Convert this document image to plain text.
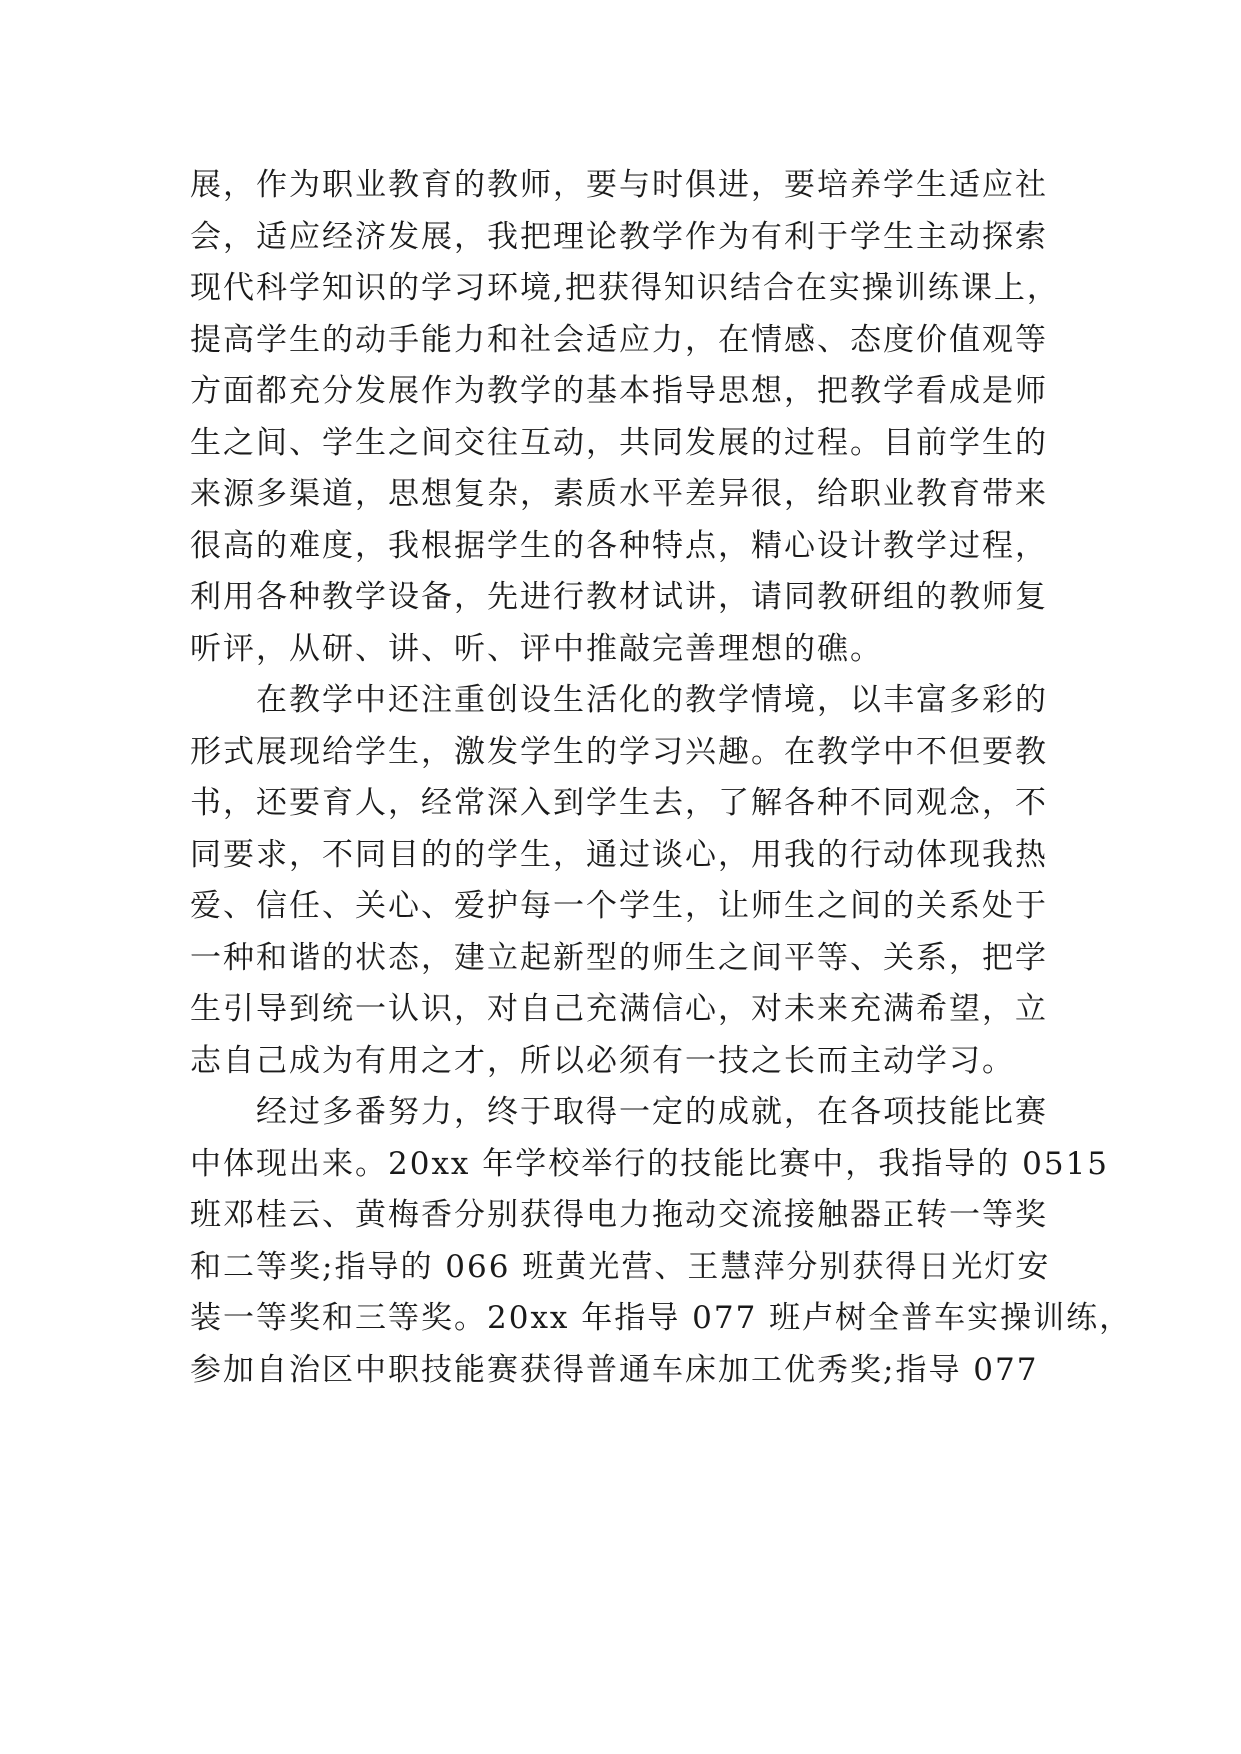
展，作为职业教育的教师，要与时俱进，要培养学生适应社
会，适应经济发展，我把理论教学作为有利于学生主动探索
现代科学知识的学习环境,把获得知识结合在实操训练课上，
提高学生的动手能力和社会适应力，在情感、态度价值观等
方面都充分发展作为教学的基本指导思想，把教学看成是师
生之间、学生之间交往互动，共同发展的过程。目前学生的
来源多渠道，思想复杂，素质水平差异很，给职业教育带来
很高的难度，我根据学生的各种特点，精心设计教学过程，
利用各种教学设备，先进行教材试讲，请同教研组的教师复
听评，从研、讲、听、评中推敲完善理想的礁。
在教学中还注重创设生活化的教学情境，以丰富多彩的
形式展现给学生，激发学生的学习兴趣。在教学中不但要教
书，还要育人，经常深入到学生去，了解各种不同观念，不
同要求，不同目的的学生，通过谈心，用我的行动体现我热
爱、信任、关心、爱护每一个学生，让师生之间的关系处于
一种和谐的状态，建立起新型的师生之间平等、关系，把学
生引导到统一认识，对自己充满信心，对未来充满希望，立
志自己成为有用之才，所以必须有一技之长而主动学习。
经过多番努力，终于取得一定的成就，在各项技能比赛
中体现出来。20xx 年学校举行的技能比赛中，我指导的 0515
班邓桂云、黄梅香分别获得电力拖动交流接触器正转一等奖
和二等奖;指导的 066 班黄光营、王慧萍分别获得日光灯安
装一等奖和三等奖。20xx 年指导 077 班卢树全普车实操训练，
参加自治区中职技能赛获得普通车床加工优秀奖;指导 077
